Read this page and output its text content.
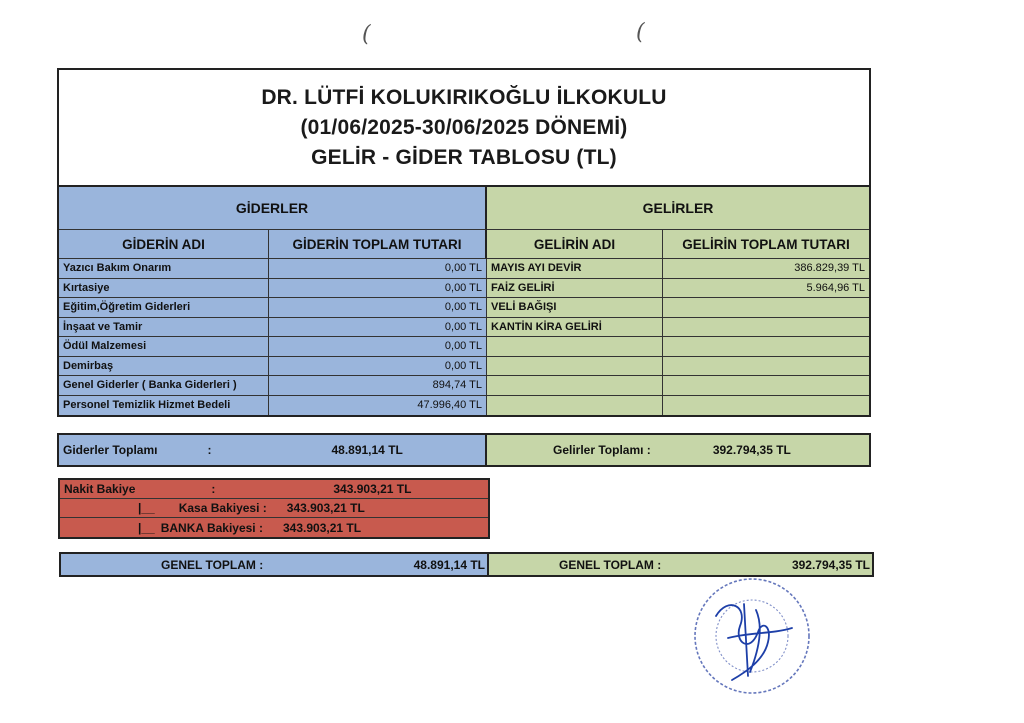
(	(
DR. LÜTFİ KOLUKIRIKOĞLU İLKOKULU
(01/06/2025-30/06/2025 DÖNEMİ)
GELİR - GİDER TABLOSU (TL)
GİDERLER	GELİRLER
GİDERİN ADI	GİDERİN TOPLAM TUTARI	GELİRİN ADI	GELİRİN TOPLAM TUTARI
Yazıcı Bakım Onarım	0,00 TL MAYIS AYI DEVİR	386.829,39 TL
Kırtasiye	0,00 TL FAİZ GELİRİ	5.964,96 TL
Eğitim,Öğretim Giderleri	0,00 TL VELİ BAĞIŞI
İnşaat ve Tamir	0,00 TL KANTİN KİRA GELİRİ
Ödül Malzemesi	0,00 TL
Demirbaş	0,00 TL
Genel Giderler ( Banka Giderleri )	894,74 TL
Personel Temizlik Hizmet Bedeli	47.996,40 TL
Giderler Toplamı	:	48.891,14 TL	Gelirler Toplamı :	392.794,35 TL
Nakit Bakiye	:	343.903,21 TL
|__ Kasa Bakiyesi : 343.903,21 TL
|__ BANKA Bakiyesi : 343.903,21 TL
GENEL TOPLAM :	48.891,14 TL	GENEL TOPLAM :	392.794,35 TL
